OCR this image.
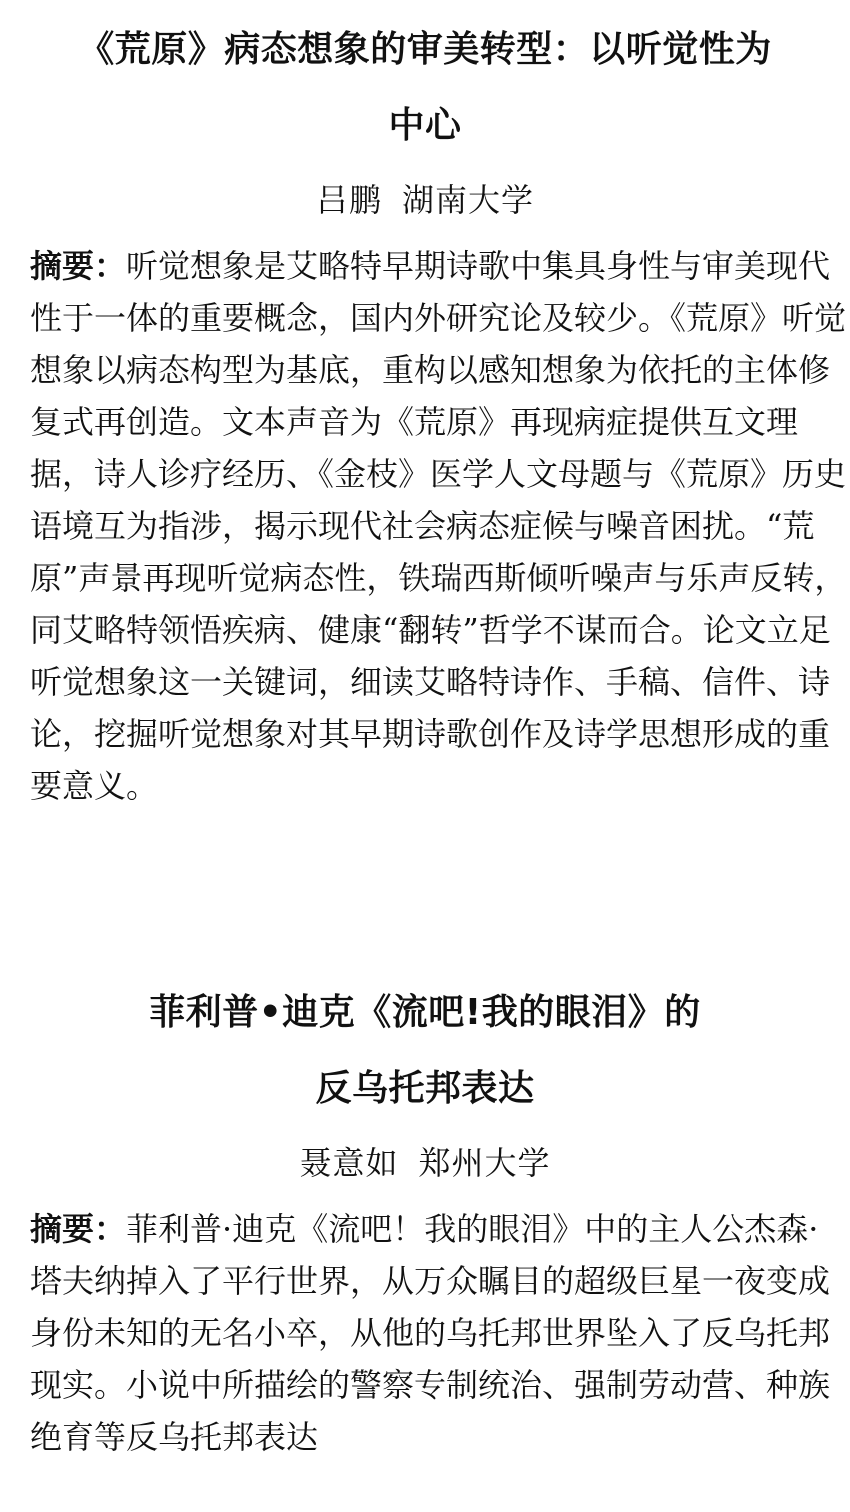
《荒原》病态想象的审美转型：以听觉性为
中心
吕鹏 湖南大学

摘要：听觉想象是艾略特早期诗歌中集具身性与审美现代性于一体的重要概念，国内外研究论及较少。《荒原》听觉想象以病态构型为基底，重构以感知想象为依托的主体修复式再创造。文本声音为《荒原》再现病症提供互文理据，诗人诊疗经历、《金枝》医学人文母题与《荒原》历史语境互为指涉，揭示现代社会病态症候与噪音困扰。“荒原”声景再现听觉病态性，铁瑞西斯倾听噪声与乐声反转，同艾略特领悟疾病、健康“翻转”哲学不谋而合。论文立足听觉想象这一关键词，细读艾略特诗作、手稿、信件、诗论，挖掘听觉想象对其早期诗歌创作及诗学思想形成的重要意义。

菲利普•迪克《流吧!我的眼泪》的
反乌托邦表达
聂意如 郑州大学

摘要：菲利普·迪克《流吧！我的眼泪》中的主人公杰森·塔夫纳掉入了平行世界，从万众瞩目的超级巨星一夜变成身份未知的无名小卒，从他的乌托邦世界坠入了反乌托邦现实。小说中所描绘的警察专制统治、强制劳动营、种族绝育等反乌托邦表达
